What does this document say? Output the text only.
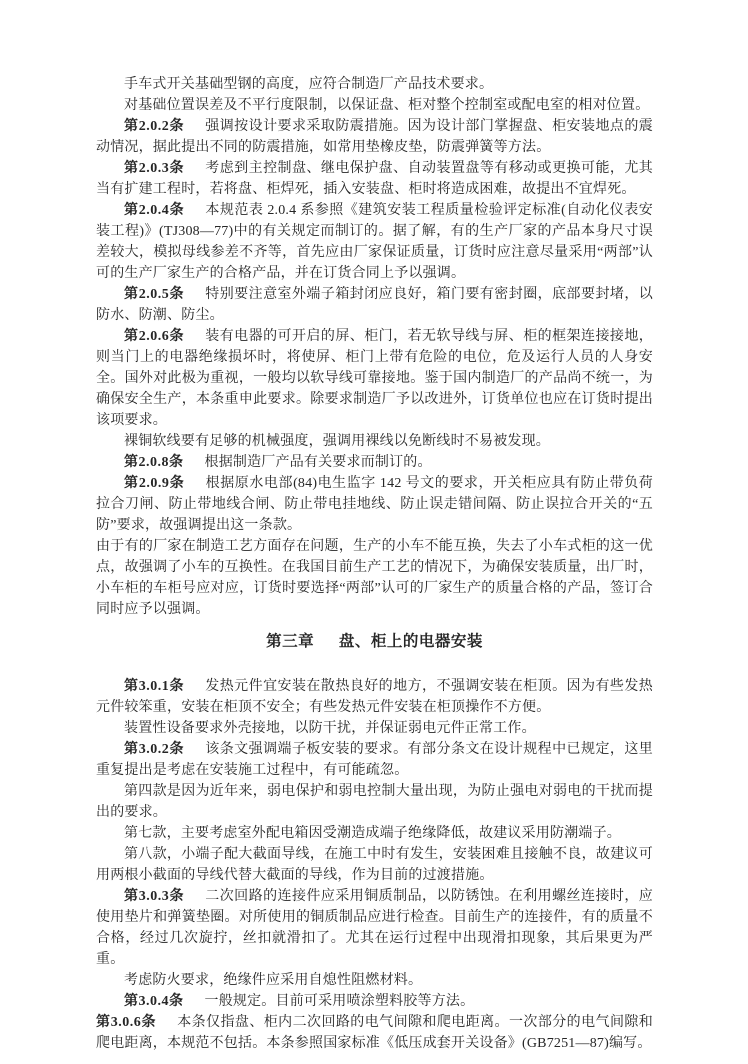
手车式开关基础型钢的高度，应符合制造厂产品技术要求。

对基础位置误差及不平行度限制，以保证盘、柜对整个控制室或配电室的相对位置。

第2.0.2条 强调按设计要求采取防震措施。因为设计部门掌握盘、柜安装地点的震动情况，据此提出不同的防震措施，如常用垫橡皮垫，防震弹簧等方法。

第2.0.3条 考虑到主控制盘、继电保护盘、自动装置盘等有移动或更换可能，尤其当有扩建工程时，若将盘、柜焊死，插入安装盘、柜时将造成困难，故提出不宜焊死。

第2.0.4条 本规范表 2.0.4 系参照《建筑安装工程质量检验评定标准(自动化仪表安装工程)》(TJ308—77)中的有关规定而制订的。据了解，有的生产厂家的产品本身尺寸误差较大，模拟母线参差不齐等，首先应由厂家保证质量，订货时应注意尽量采用“两部”认可的生产厂家生产的合格产品，并在订货合同上予以强调。

第2.0.5条 特别要注意室外端子箱封闭应良好，箱门要有密封圈，底部要封堵，以防水、防潮、防尘。

第2.0.6条 装有电器的可开启的屏、柜门，若无软导线与屏、柜的框架连接接地，则当门上的电器绝缘损坏时，将使屏、柜门上带有危险的电位，危及运行人员的人身安全。国外对此极为重视，一般均以软导线可靠接地。鉴于国内制造厂的产品尚不统一，为确保安全生产，本条重申此要求。除要求制造厂予以改进外，订货单位也应在订货时提出该项要求。

裸铜软线要有足够的机械强度，强调用裸线以免断线时不易被发现。

第2.0.8条 根据制造厂产品有关要求而制订的。

第2.0.9条 根据原水电部(84)电生监字 142 号文的要求，开关柜应具有防止带负荷拉合刀闸、防止带地线合闸、防止带电挂地线、防止误走错间隔、防止误拉合开关的“五防”要求，故强调提出这一条款。

由于有的厂家在制造工艺方面存在问题，生产的小车不能互换，失去了小车式柜的这一优点，故强调了小车的互换性。在我国目前生产工艺的情况下，为确保安装质量，出厂时，小车柜的车柜号应对应，订货时要选择“两部”认可的厂家生产的质量合格的产品，签订合同时应予以强调。

第三章 盘、柜上的电器安装

第3.0.1条 发热元件宜安装在散热良好的地方，不强调安装在柜顶。因为有些发热元件较笨重，安装在柜顶不安全；有些发热元件安装在柜顶操作不方便。

装置性设备要求外壳接地，以防干扰，并保证弱电元件正常工作。

第3.0.2条 该条文强调端子板安装的要求。有部分条文在设计规程中已规定，这里重复提出是考虑在安装施工过程中，有可能疏忽。

第四款是因为近年来，弱电保护和弱电控制大量出现，为防止强电对弱电的干扰而提出的要求。

第七款，主要考虑室外配电箱因受潮造成端子绝缘降低，故建议采用防潮端子。

第八款，小端子配大截面导线，在施工中时有发生，安装困难且接触不良，故建议可用两根小截面的导线代替大截面的导线，作为目前的过渡措施。

第3.0.3条 二次回路的连接件应采用铜质制品，以防锈蚀。在利用螺丝连接时，应使用垫片和弹簧垫圈。对所使用的铜质制品应进行检查。目前生产的连接件，有的质量不合格，经过几次旋拧，丝扣就滑扣了。尤其在运行过程中出现滑扣现象，其后果更为严重。

考虑防火要求，绝缘件应采用自熄性阻燃材料。

第3.0.4条 一般规定。目前可采用喷涂塑料胶等方法。

第3.0.6条 本条仅指盘、柜内二次回路的电气间隙和爬电距离。一次部分的电气间隙和爬电距离，本规范不包括。本条参照国家标准《低压成套开关设备》(GB7251—87)编写。
